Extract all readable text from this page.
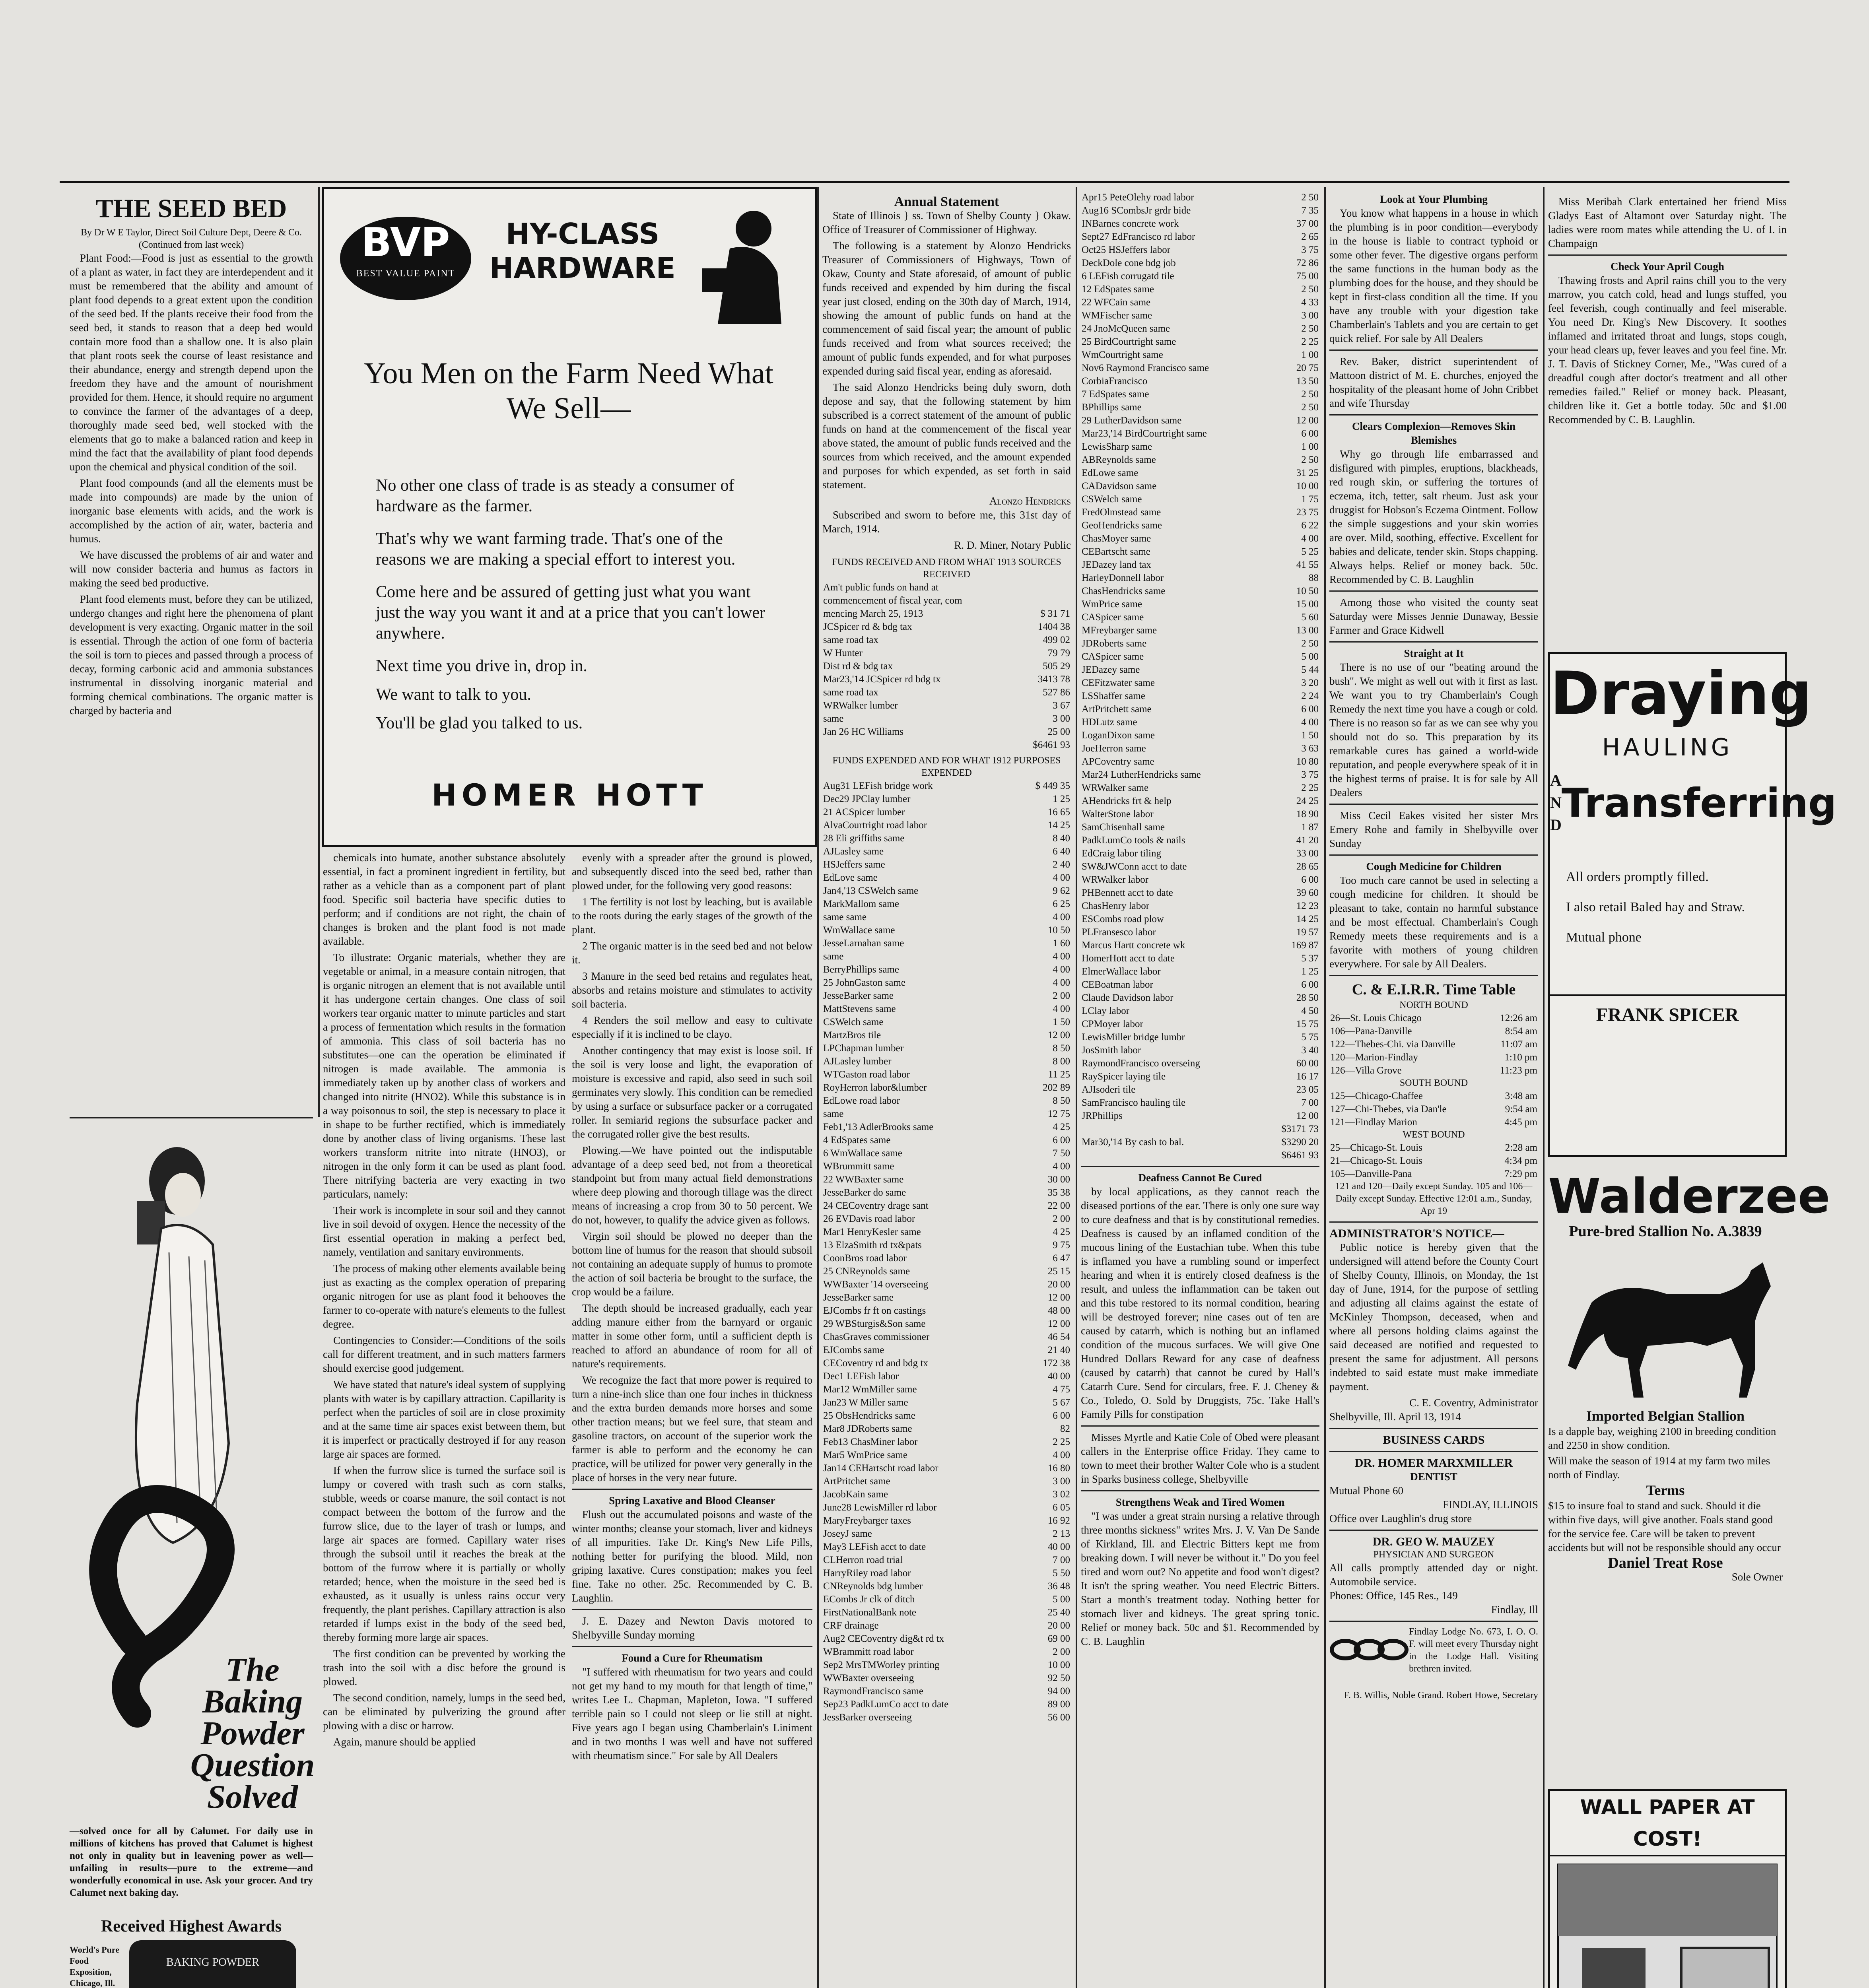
THE SEED BED
By Dr W E Taylor, Direct Soil Culture Dept, Deere & Co.
(Continued from last week)

Plant Food:—Food is just as essential to the growth of a plant as water, in fact they are interdependent and it must be remembered that the ability and amount of plant food depends to a great extent upon the condition of the seed bed. If the plants receive their food from the seed bed, it stands to reason that a deep bed would contain more food than a shallow one. It is also plain that plant roots seek the course of least resistance and their abundance, energy and strength depend upon the freedom they have and the amount of nourishment provided for them. Hence, it should require no argument to convince the farmer of the advantages of a deep, thoroughly made seed bed, well stocked with the elements that go to make a balanced ration and keep in mind the fact that the availability of plant food depends upon the chemical and physical condition of the soil.

Plant food compounds (and all the elements must be made into compounds) are made by the union of inorganic base elements with acids, and the work is accomplished by the action of air, water, bacteria and humus.

We have discussed the problems of air and water and will now consider bacteria and humus as factors in making the seed bed productive.

Plant food elements must, before they can be utilized, undergo changes and right here the phenomena of plant development is very exacting. Organic matter in the soil is essential. Through the action of one form of bacteria the soil is torn to pieces and passed through a process of decay, forming carbonic acid and ammonia substances instrumental in dissolving inorganic material and forming chemical combinations. The organic matter is charged by bacteria and

The
Baking
Powder
Question
Solved
—solved once for all by Calumet. For daily use in millions of kitchens has proved that Calumet is highest not only in quality but in leavening power as well—unfailing in results—pure to the extreme—and wonderfully economical in use. Ask your grocer. And try Calumet next baking day.
Received Highest Awards
World's Pure Food Exposition, Chicago, Ill.
BAKING POWDER
BVP
BEST VALUE PAINT
HY-CLASS HARDWARE
You Men on the Farm Need What We Sell—

No other one class of trade is as steady a consumer of hardware as the farmer.

That's why we want farming trade. That's one of the reasons we are making a special effort to interest you.

Come here and be assured of getting just what you want just the way you want it and at a price that you can't lower anywhere.

Next time you drive in, drop in.

We want to talk to you.

You'll be glad you talked to us.

HOMER HOTT

chemicals into humate, another substance absolutely essential, in fact a prominent ingredient in fertility, but rather as a vehicle than as a component part of plant food. Specific soil bacteria have specific duties to perform; and if conditions are not right, the chain of changes is broken and the plant food is not made available.

To illustrate: Organic materials, whether they are vegetable or animal, in a measure contain nitrogen, that is organic nitrogen an element that is not available until it has undergone certain changes. One class of soil workers tear organic matter to minute particles and start a process of fermentation which results in the formation of ammonia. This class of soil bacteria has no substitutes—one can the operation be eliminated if nitrogen is made available. The ammonia is immediately taken up by another class of workers and changed into nitrite (HNO2). While this substance is in a way poisonous to soil, the step is necessary to place it in shape to be further rectified, which is immediately done by another class of living organisms. These last workers transform nitrite into nitrate (HNO3), or nitrogen in the only form it can be used as plant food. There nitrifying bacteria are very exacting in two particulars, namely:

Their work is incomplete in sour soil and they cannot live in soil devoid of oxygen. Hence the necessity of the first essential operation in making a perfect bed, namely, ventilation and sanitary environments.

The process of making other elements available being just as exacting as the complex operation of preparing organic nitrogen for use as plant food it behooves the farmer to co-operate with nature's elements to the fullest degree.

Contingencies to Consider:—Conditions of the soils call for different treatment, and in such matters farmers should exercise good judgement.

We have stated that nature's ideal system of supplying plants with water is by capillary attraction. Capillarity is perfect when the particles of soil are in close proximity and at the same time air spaces exist between them, but it is imperfect or practically destroyed if for any reason large air spaces are formed.

If when the furrow slice is turned the surface soil is lumpy or covered with trash such as corn stalks, stubble, weeds or coarse manure, the soil contact is not compact between the bottom of the furrow and the furrow slice, due to the layer of trash or lumps, and large air spaces are formed. Capillary water rises through the subsoil until it reaches the break at the bottom of the furrow where it is partially or wholly retarded; hence, when the moisture in the seed bed is exhausted, as it usually is unless rains occur very frequently, the plant perishes. Capillary attraction is also retarded if lumps exist in the body of the seed bed, thereby forming more large air spaces.

The first condition can be prevented by working the trash into the soil with a disc before the ground is plowed.

The second condition, namely, lumps in the seed bed, can be eliminated by pulverizing the ground after plowing with a disc or harrow.

Again, manure should be applied

evenly with a spreader after the ground is plowed, and subsequently disced into the seed bed, rather than plowed under, for the following very good reasons:

1 The fertility is not lost by leaching, but is available to the roots during the early stages of the growth of the plant.

2 The organic matter is in the seed bed and not below it.

3 Manure in the seed bed retains and regulates heat, absorbs and retains moisture and stimulates to activity soil bacteria.

4 Renders the soil mellow and easy to cultivate especially if it is inclined to be clayo.

Another contingency that may exist is loose soil. If the soil is very loose and light, the evaporation of moisture is excessive and rapid, also seed in such soil germinates very slowly. This condition can be remedied by using a surface or subsurface packer or a corrugated roller. In semiarid regions the subsurface packer and the corrugated roller give the best results.

Plowing.—We have pointed out the indisputable advantage of a deep seed bed, not from a theoretical standpoint but from many actual field demonstrations where deep plowing and thorough tillage was the direct means of increasing a crop from 30 to 50 percent. We do not, however, to qualify the advice given as follows.

Virgin soil should be plowed no deeper than the bottom line of humus for the reason that should subsoil not containing an adequate supply of humus to promote the action of soil bacteria be brought to the surface, the crop would be a failure.

The depth should be increased gradually, each year adding manure either from the barnyard or organic matter in some other form, until a sufficient depth is reached to afford an abundance of room for all of nature's requirements.

We recognize the fact that more power is required to turn a nine-inch slice than one four inches in thickness and the extra burden demands more horses and some other traction means; but we feel sure, that steam and gasoline tractors, on account of the superior work the farmer is able to perform and the economy he can practice, will be utilized for power very generally in the place of horses in the very near future.

Spring Laxative and Blood Cleanser

Flush out the accumulated poisons and waste of the winter months; cleanse your stomach, liver and kidneys of all impurities. Take Dr. King's New Life Pills, nothing better for purifying the blood. Mild, non griping laxative. Cures constipation; makes you feel fine. Take no other. 25c. Recommended by C. B. Laughlin.

J. E. Dazey and Newton Davis motored to Shelbyville Sunday morning

Found a Cure for Rheumatism

"I suffered with rheumatism for two years and could not get my hand to my mouth for that length of time," writes Lee L. Chapman, Mapleton, Iowa. "I suffered terrible pain so I could not sleep or lie still at night. Five years ago I began using Chamberlain's Liniment and in two months I was well and have not suffered with rheumatism since." For sale by All Dealers

Annual Statement

State of Illinois } ss. Town of Shelby County } Okaw. Office of Treasurer of Commissioner of Highway.

The following is a statement by Alonzo Hendricks Treasurer of Commissioners of Highways, Town of Okaw, County and State aforesaid, of amount of public funds received and expended by him during the fiscal year just closed, ending on the 30th day of March, 1914, showing the amount of public funds on hand at the commencement of said fiscal year; the amount of public funds received and from what sources received; the amount of public funds expended, and for what purposes expended during said fiscal year, ending as aforesaid.

The said Alonzo Hendricks being duly sworn, doth depose and say, that the following statement by him subscribed is a correct statement of the amount of public funds on hand at the commencement of the fiscal year above stated, the amount of public funds received and the sources from which received, and the amount expended and purposes for which expended, as set forth in said statement.

Alonzo Hendricks

Subscribed and sworn to before me, this 31st day of March, 1914.

R. D. Miner, Notary Public
FUNDS RECEIVED AND FROM WHAT 1913 SOURCES RECEIVED
Am't public funds on hand at	
commencement of fiscal year, com	
mencing March 25, 1913	$ 31 71
JCSpicer rd & bdg tax	1404 38
same road tax	499 02
W Hunter	79 79
Dist rd & bdg tax	505 29
Mar23,'14 JCSpicer rd bdg tx	3413 78
same road tax	527 86
WRWalker lumber	3 67
same	3 00
Jan 26 HC Williams	25 00
	$6461 93
FUNDS EXPENDED AND FOR WHAT 1912 PURPOSES EXPENDED
Aug31 LEFish bridge work	$ 449 35
Dec29 JPClay lumber	1 25
21 ACSpicer lumber	16 65
AlvaCourtright road labor	14 25
28 Eli griffiths same	8 40
AJLasley same	6 40
HSJeffers same	2 40
EdLove same	4 00
Jan4,'13 CSWelch same	9 62
MarkMallom same	6 25
same same	4 00
WmWallace same	10 50
JesseLarnahan same	1 60
same	4 00
BerryPhillips same	4 00
25 JohnGaston same	4 00
JesseBarker same	2 00
MattStevens same	4 00
CSWelch same	1 50
MartzBros tile	12 00
LPChapman lumber	8 50
AJLasley lumber	8 00
WTGaston road labor	11 25
RoyHerron labor&lumber	202 89
EdLowe road labor	8 50
same	12 75
Feb1,'13 AdlerBrooks same	4 25
4 EdSpates same	6 00
6 WmWallace same	7 50
WBrummitt same	4 00
22 WWBaxter same	30 00
JesseBarker do same	35 38
24 CECoventry drage sant	22 00
26 EVDavis road labor	2 00
Mar1 HenryKesler same	4 25
13 ElzaSmith rd tx&pats	9 75
CoonBros road labor	6 47
25 CNReynolds same	25 15
WWBaxter '14 overseeing	20 00
JesseBarker same	12 00
EJCombs fr ft on castings	48 00
29 WBSturgis&Son same	12 00
ChasGraves commissioner	46 54
EJCombs same	21 40
CECoventry rd and bdg tx	172 38
Dec1 LEFish labor	40 00
Mar12 WmMiller same	4 75
Jan23 W Miller same	5 67
25 ObsHendricks same	6 00
Mar8 JDRoberts same	82
Feb13 ChasMiner labor	2 25
Mar5 WmPrice same	4 00
Jan14 CEHartscht road labor	16 80
ArtPritchet same	3 00
JacobKain same	3 02
June28 LewisMiller rd labor	6 05
MaryFreybarger taxes	16 92
JoseyJ same	2 13
May3 LEFish acct to date	40 00
CLHerron road trial	7 00
HarryRiley road labor	5 50
CNReynolds bdg lumber	36 48
ECombs Jr clk of ditch	5 00
FirstNationalBank note	25 40
CRF drainage	20 00
Aug2 CECoventry dig&t rd tx	69 00
WBrammitt road labor	2 00
Sep2 MrsTMWorley printing	10 00
WWBaxter overseeing	92 50
RaymondFrancisco same	94 00
Sep23 PadkLumCo acct to date	89 00
JessBarker overseeing	56 00
Apr15 PeteOlehy road labor	2 50
Aug16 SCombsJr grdr bide	7 35
INBarnes concrete work	37 00
Sept27 EdFrancisco rd labor	2 65
Oct25 HSJeffers labor	3 75
DeckDole cone bdg job	72 86
6 LEFish corrugatd tile	75 00
12 EdSpates same	2 50
22 WFCain same	4 33
WMFischer same	3 00
24 JnoMcQueen same	2 50
25 BirdCourtright same	2 25
WmCourtright same	1 00
Nov6 Raymond Francisco same	20 75
CorbiaFrancisco	13 50
7 EdSpates same	2 50
BPhillips same	2 50
29 LutherDavidson same	12 00
Mar23,'14 BirdCourtright same	6 00
LewisSharp same	1 00
ABReynolds same	2 50
EdLowe same	31 25
CADavidson same	10 00
CSWelch same	1 75
FredOlmstead same	23 75
GeoHendricks same	6 22
ChasMoyer same	4 00
CEBartscht same	5 25
JEDazey land tax	41 55
HarleyDonnell labor	88
ChasHendricks same	10 50
WmPrice same	15 00
CASpicer same	5 60
MFreybarger same	13 00
JDRoberts same	2 50
CASpicer same	5 00
JEDazey same	5 44
CEFitzwater same	3 20
LSShaffer same	2 24
ArtPritchett same	6 00
HDLutz same	4 00
LoganDixon same	1 50
JoeHerron same	3 63
APCoventry same	10 80
Mar24 LutherHendricks same	3 75
WRWalker same	2 25
AHendricks frt & help	24 25
WalterStone labor	18 90
SamChisenhall same	1 87
PadkLumCo tools & nails	41 20
EdCraig labor tiling	33 00
SW&JWConn acct to date	28 65
WRWalker labor	6 00
PHBennett acct to date	39 60
ChasHenry labor	12 23
ESCombs road plow	14 25
PLFransesco labor	19 57
Marcus Hartt concrete wk	169 87
HomerHott acct to date	5 37
ElmerWallace labor	1 25
CEBoatman labor	6 00
Claude Davidson labor	28 50
LClay labor	4 50
CPMoyer labor	15 75
LewisMiller bridge lumbr	5 75
JosSmith labor	3 40
RaymondFrancisco overseing	60 00
RaySpicer laying tile	16 17
AJIsoderi tile	23 05
SamFrancisco hauling tile	7 00
JRPhillips	12 00
	$3171 73
Mar30,'14 By cash to bal.	$3290 20
	$6461 93
Deafness Cannot Be Cured

by local applications, as they cannot reach the diseased portions of the ear. There is only one sure way to cure deafness and that is by constitutional remedies. Deafness is caused by an inflamed condition of the mucous lining of the Eustachian tube. When this tube is inflamed you have a rumbling sound or imperfect hearing and when it is entirely closed deafness is the result, and unless the inflammation can be taken out and this tube restored to its normal condition, hearing will be destroyed forever; nine cases out of ten are caused by catarrh, which is nothing but an inflamed condition of the mucous surfaces. We will give One Hundred Dollars Reward for any case of deafness (caused by catarrh) that cannot be cured by Hall's Catarrh Cure. Send for circulars, free. F. J. Cheney & Co., Toledo, O. Sold by Druggists, 75c. Take Hall's Family Pills for constipation

Misses Myrtle and Katie Cole of Obed were pleasant callers in the Enterprise office Friday. They came to town to meet their brother Walter Cole who is a student in Sparks business college, Shelbyville

Strengthens Weak and Tired Women

"I was under a great strain nursing a relative through three months sickness" writes Mrs. J. V. Van De Sande of Kirkland, Ill. and Electric Bitters kept me from breaking down. I will never be without it." Do you feel tired and worn out? No appetite and food won't digest? It isn't the spring weather. You need Electric Bitters. Start a month's treatment today. Nothing better for stomach liver and kidneys. The great spring tonic. Relief or money back. 50c and $1. Recommended by C. B. Laughlin

Look at Your Plumbing

You know what happens in a house in which the plumbing is in poor condition—everybody in the house is liable to contract typhoid or some other fever. The digestive organs perform the same functions in the human body as the plumbing does for the house, and they should be kept in first-class condition all the time. If you have any trouble with your digestion take Chamberlain's Tablets and you are certain to get quick relief. For sale by All Dealers

Rev. Baker, district superintendent of Mattoon district of M. E. churches, enjoyed the hospitality of the pleasant home of John Cribbet and wife Thursday

Clears Complexion—Removes Skin Blemishes

Why go through life embarrassed and disfigured with pimples, eruptions, blackheads, red rough skin, or suffering the tortures of eczema, itch, tetter, salt rheum. Just ask your druggist for Hobson's Eczema Ointment. Follow the simple suggestions and your skin worries are over. Mild, soothing, effective. Excellent for babies and delicate, tender skin. Stops chapping. Always helps. Relief or money back. 50c. Recommended by C. B. Laughlin

Among those who visited the county seat Saturday were Misses Jennie Dunaway, Bessie Farmer and Grace Kidwell

Straight at It

There is no use of our "beating around the bush". We might as well out with it first as last. We want you to try Chamberlain's Cough Remedy the next time you have a cough or cold. There is no reason so far as we can see why you should not do so. This preparation by its remarkable cures has gained a world-wide reputation, and people everywhere speak of it in the highest terms of praise. It is for sale by All Dealers

Miss Cecil Eakes visited her sister Mrs Emery Rohe and family in Shelbyville over Sunday

Cough Medicine for Children

Too much care cannot be used in selecting a cough medicine for children. It should be pleasant to take, contain no harmful substance and be most effectual. Chamberlain's Cough Remedy meets these requirements and is a favorite with mothers of young children everywhere. For sale by All Dealers.

C. & E.I.R.R. Time Table
NORTH BOUND
26—St. Louis Chicago	12:26 am
106—Pana-Danville	8:54 am
122—Thebes-Chi. via Danville	11:07 am
120—Marion-Findlay	1:10 pm
126—Villa Grove	11:23 pm
SOUTH BOUND
125—Chicago-Chaffee	3:48 am
127—Chi-Thebes, via Dan'le	9:54 am
121—Findlay Marion	4:45 pm
WEST BOUND
25—Chicago-St. Louis	2:28 am
21—Chicago-St. Louis	4:34 pm
105—Danville-Pana	7:29 pm
121 and 120—Daily except Sunday. 105 and 106—Daily except Sunday. Effective 12:01 a.m., Sunday, Apr 19
ADMINISTRATOR'S NOTICE—

Public notice is hereby given that the undersigned will attend before the County Court of Shelby County, Illinois, on Monday, the 1st day of June, 1914, for the purpose of settling and adjusting all claims against the estate of McKinley Thompson, deceased, when and where all persons holding claims against the said deceased are notified and requested to present the same for adjustment. All persons indebted to said estate must make immediate payment.

C. E. Coventry, Administrator
Shelbyville, Ill. April 13, 1914
BUSINESS CARDS
DR. HOMER MARXMILLER
DENTIST
Mutual Phone 60
FINDLAY, ILLINOIS
Office over Laughlin's drug store
DR. GEO W. MAUZEY
PHYSICIAN AND SURGEON
All calls promptly attended day or night. Automobile service.
Phones: Office, 145 Res., 149
Findlay, Ill
Findlay Lodge No. 673, I. O. O. F. will meet every Thursday night in the Lodge Hall. Visiting brethren invited.
F. B. Willis, Noble Grand. Robert Howe, Secretary

Miss Meribah Clark entertained her friend Miss Gladys East of Altamont over Saturday night. The ladies were room mates while attending the U. of I. in Champaign

Check Your April Cough

Thawing frosts and April rains chill you to the very marrow, you catch cold, head and lungs stuffed, you feel feverish, cough continually and feel miserable. You need Dr. King's New Discovery. It soothes inflamed and irritated throat and lungs, stops cough, your head clears up, fever leaves and you feel fine. Mr. J. T. Davis of Stickney Corner, Me., "Was cured of a dreadful cough after doctor's treatment and all other remedies failed." Relief or money back. Pleasant, children like it. Get a bottle today. 50c and $1.00 Recommended by C. B. Laughlin.

Draying
HAULING
AND Transferring
All orders promptly filled.
I also retail Baled hay and Straw.
Mutual phone
FRANK SPICER
Walderzee
Pure-bred Stallion No. A.3839
Imported Belgian Stallion

Is a dapple bay, weighing 2100 in breeding condition and 2250 in show condition.

Will make the season of 1914 at my farm two miles north of Findlay.

Terms

$15 to insure foal to stand and suck. Should it die within five days, will give another. Foals stand good for the service fee. Care will be taken to prevent accidents but will not be responsible should any occur

Daniel Treat Rose
Sole Owner
WALL PAPER AT COST!
